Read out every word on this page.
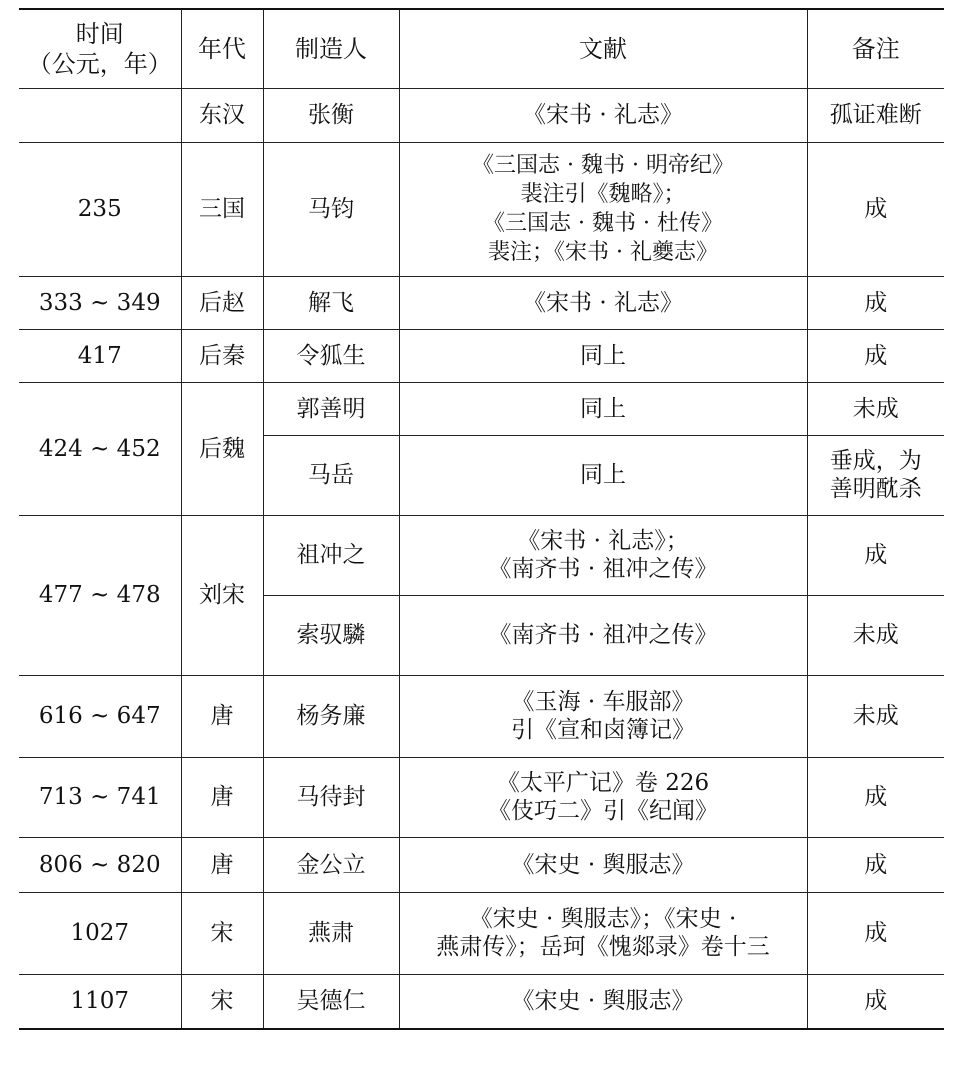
时间
（公元，年）	年代	制造人	文献	备注
	东汉	张衡	《宋书 · 礼志》	孤证难断

235	三国	马钧	《三国志 · 魏书 · 明帝纪》
裴注引《魏略》；
《三国志 · 魏书 · 杜传》
裴注；《宋书 · 礼夔志》	成

333 ~ 349	后赵	解飞	《宋书 · 礼志》	成

417	后秦	令狐生	同上	成

424 ~ 452	后魏	郭善明	同上	未成

		马岳	同上	垂成，为
善明酖杀

477 ~ 478	刘宋	祖冲之	《宋书 · 礼志》；
《南齐书 · 祖冲之传》	成

		索驭驎	《南齐书 · 祖冲之传》	未成

616 ~ 647	唐	杨务廉	《玉海 · 车服部》
引《宣和卤簿记》	未成

713 ~ 741	唐	马待封	《太平广记》卷 226
《伎巧二》引《纪闻》	成

806 ~ 820	唐	金公立	《宋史 · 舆服志》	成

1027	宋	燕肃	《宋史 · 舆服志》；《宋史 ·
燕肃传》；岳珂《愧郯录》卷十三	成

1107	宋	吴德仁	《宋史 · 舆服志》	成
